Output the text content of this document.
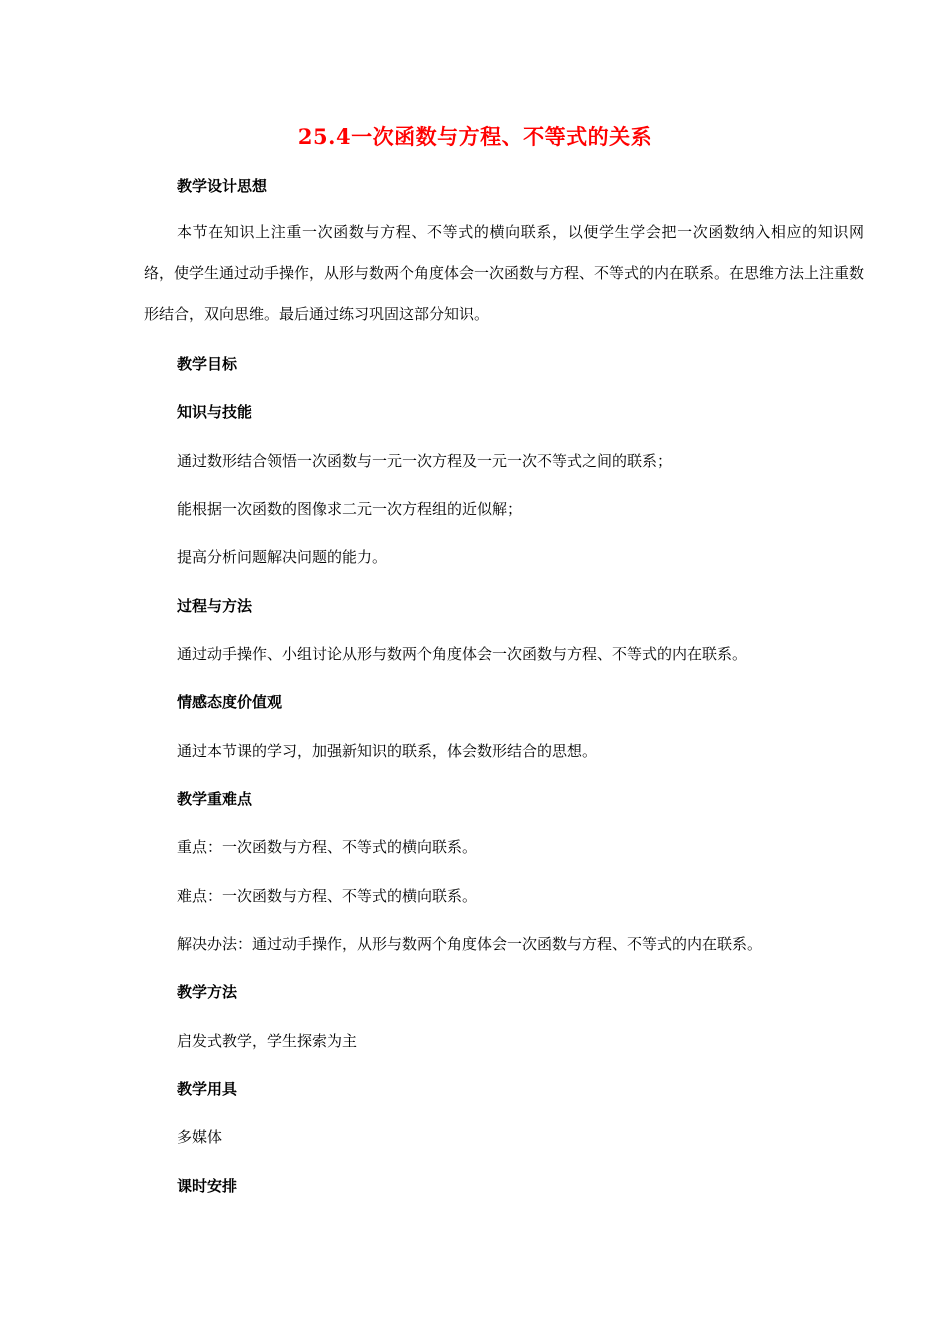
25.4一次函数与方程、不等式的关系
教学设计思想
本节在知识上注重一次函数与方程、不等式的横向联系，以便学生学会把一次函数纳入相应的知识网络，使学生通过动手操作，从形与数两个角度体会一次函数与方程、不等式的内在联系。在思维方法上注重数形结合，双向思维。最后通过练习巩固这部分知识。
教学目标
知识与技能
通过数形结合领悟一次函数与一元一次方程及一元一次不等式之间的联系；
能根据一次函数的图像求二元一次方程组的近似解；
提高分析问题解决问题的能力。
过程与方法
通过动手操作、小组讨论从形与数两个角度体会一次函数与方程、不等式的内在联系。
情感态度价值观
通过本节课的学习，加强新知识的联系，体会数形结合的思想。
教学重难点
重点：一次函数与方程、不等式的横向联系。
难点：一次函数与方程、不等式的横向联系。
解决办法：通过动手操作，从形与数两个角度体会一次函数与方程、不等式的内在联系。
教学方法
启发式教学，学生探索为主
教学用具
多媒体
课时安排
